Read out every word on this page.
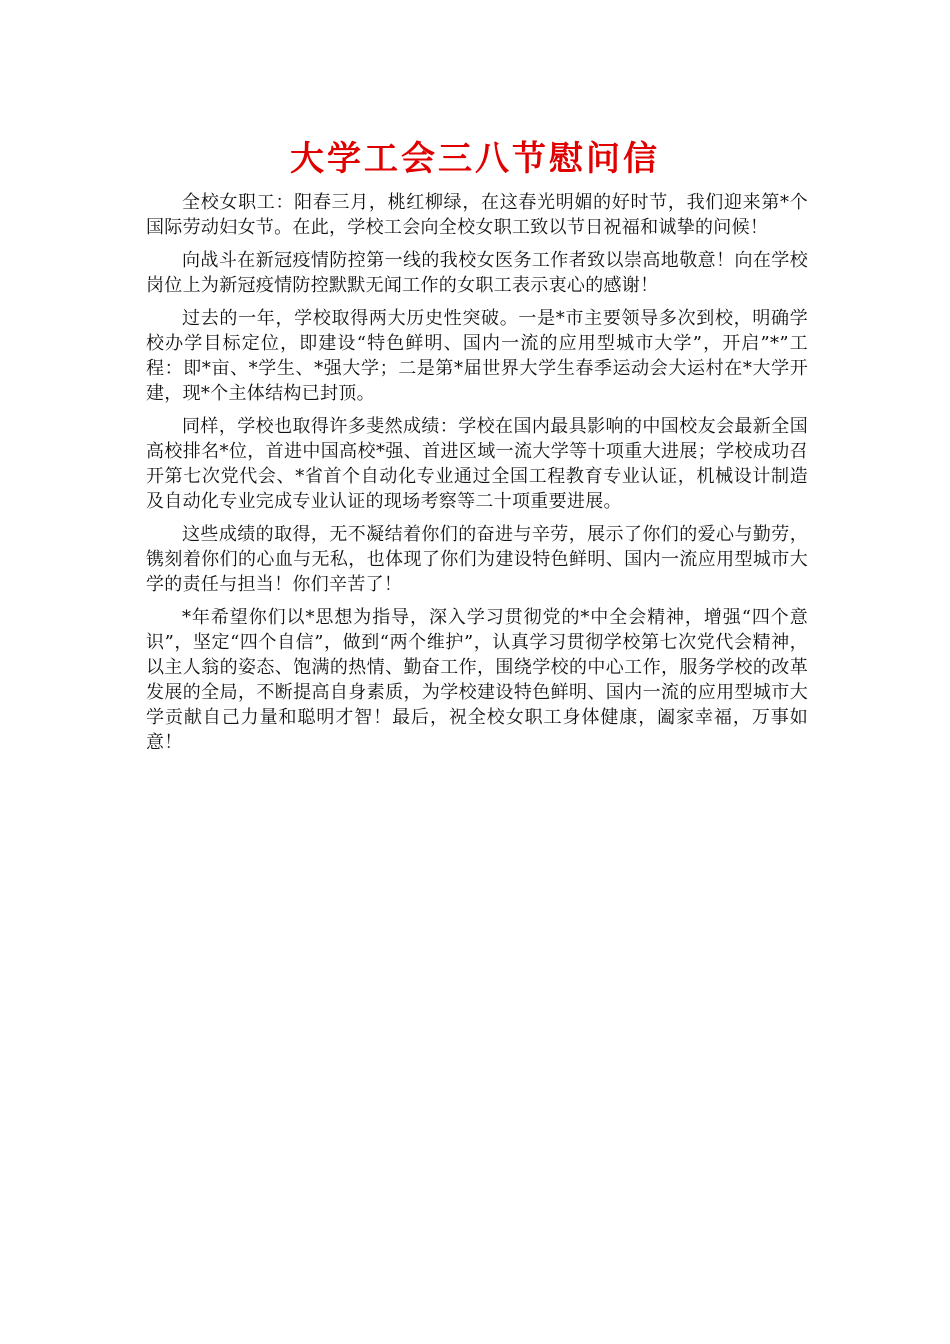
大学工会三八节慰问信

全校女职工：阳春三月，桃红柳绿，在这春光明媚的好时节，我们迎来第*个国际劳动妇女节。在此，学校工会向全校女职工致以节日祝福和诚挚的问候！

向战斗在新冠疫情防控第一线的我校女医务工作者致以崇高地敬意！向在学校岗位上为新冠疫情防控默默无闻工作的女职工表示衷心的感谢！

过去的一年，学校取得两大历史性突破。一是*市主要领导多次到校，明确学校办学目标定位，即建设“特色鲜明、国内一流的应用型城市大学”，开启”*”工程：即*亩、*学生、*强大学；二是第*届世界大学生春季运动会大运村在*大学开建，现*个主体结构已封顶。

同样，学校也取得许多斐然成绩：学校在国内最具影响的中国校友会最新全国高校排名*位，首进中国高校*强、首进区域一流大学等十项重大进展；学校成功召开第七次党代会、*省首个自动化专业通过全国工程教育专业认证，机械设计制造及自动化专业完成专业认证的现场考察等二十项重要进展。

这些成绩的取得，无不凝结着你们的奋进与辛劳，展示了你们的爱心与勤劳，镌刻着你们的心血与无私，也体现了你们为建设特色鲜明、国内一流应用型城市大学的责任与担当！你们辛苦了！

*年希望你们以*思想为指导，深入学习贯彻党的*中全会精神，增强“四个意识”，坚定“四个自信”，做到“两个维护”，认真学习贯彻学校第七次党代会精神，以主人翁的姿态、饱满的热情、勤奋工作，围绕学校的中心工作，服务学校的改革发展的全局，不断提高自身素质，为学校建设特色鲜明、国内一流的应用型城市大学贡献自己力量和聪明才智！最后，祝全校女职工身体健康，阖家幸福，万事如意！
